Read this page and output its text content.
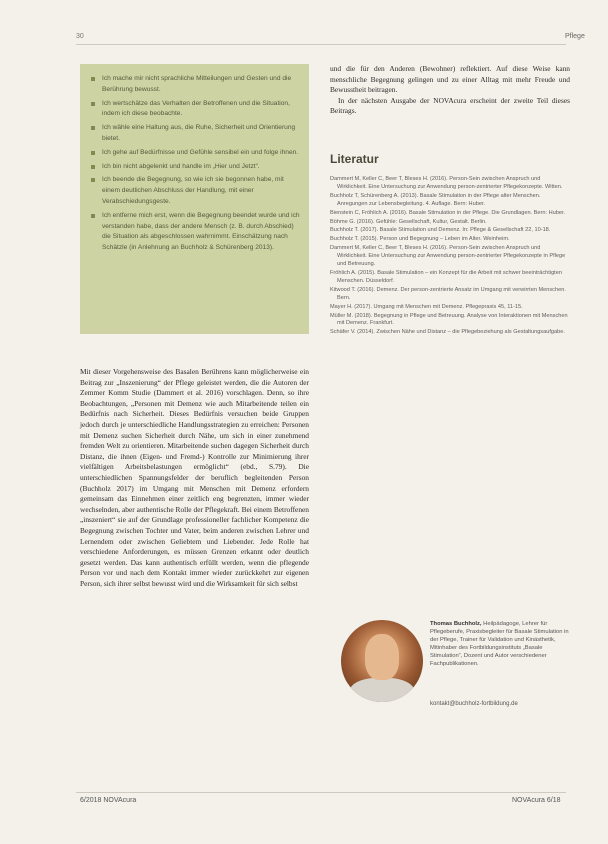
30	Pflege
Ich mache mir nicht sprachliche Mitteilungen und Gesten und die Berührung bewusst.
Ich wertschätze das Verhalten der Betroffenen und die Situation, indem ich diese beobachte.
Ich wähle eine Haltung aus, die Ruhe, Sicherheit und Orientierung bietet.
Ich gehe auf Bedürfnisse und Gefühle sensibel ein und folge ihnen.
Ich bin nicht abgelenkt und handle im „Hier und Jetzt“.
Ich beende die Begegnung, so wie ich sie begonnen habe, mit einem deutlichen Abschluss der Handlung, mit einer Verabschiedungsgeste.
Ich entferne mich erst, wenn die Begegnung beendet wurde und ich verstanden habe, dass der andere Mensch (z. B. durch Abschied) die Situation als abgeschlossen wahrnimmt. Einschätzung nach Schätzle (in Anlehnung an Buchholz & Schürenberg 2013).

Mit dieser Vorgehensweise des Basalen Berührens kann möglicherweise ein Beitrag zur „Inszenierung“ der Pflege geleistet werden, die die Autoren der Zemmer Komm Studie (Dammert et al. 2016) vorschlagen. Denn, so ihre Beobachtungen, „Personen mit Demenz wie auch Mitarbeitende teilen ein Bedürfnis nach Sicherheit. Dieses Bedürfnis versuchen beide Gruppen jedoch durch je unterschiedliche Handlungsstrategien zu erreichen: Personen mit Demenz suchen Sicherheit durch Nähe, um sich in einer zunehmend fremden Welt zu orientieren. Mitarbeitende suchen dagegen Sicherheit durch Distanz, die ihnen (Eigen- und Fremd-) Kontrolle zur Minimierung ihrer vielfältigen Arbeitsbelastungen ermöglicht“ (ebd., S.79). Die unterschiedlichen Spannungsfelder der beruflich begleitenden Person (Buchholz 2017) im Umgang mit Menschen mit Demenz erfordern gemeinsam das Einnehmen einer zeitlich eng begrenzten, immer wieder wechselnden, aber authentische Rolle der Pflegekraft. Bei einem Betroffenen „inszeniert“ sie auf der Grundlage professioneller fachlicher Kompetenz die Begegnung zwischen Tochter und Vater, beim anderen zwischen Lehrer und Lernendem oder zwischen Geliebtem und Liebender. Jede Rolle hat verschiedene Anforderungen, es müssen Grenzen erkannt oder deutlich gesetzt werden. Das kann authentisch erfüllt werden, wenn die pflegende Person vor und nach dem Kontakt immer wieder zurückkehrt zur eigenen Person, sich ihrer selbst bewusst wird und die Wirksamkeit für sich selbst

und die für den Anderen (Bewohner) reflektiert. Auf diese Weise kann menschliche Begegnung gelingen und zu einer Alltag mit mehr Freude und Bewusstheit beitragen.

In der nächsten Ausgabe der NOVAcura erscheint der zweite Teil dieses Beitrags.

Literatur

Dammert M, Keller C, Beer T, Bleses H. (2016). Person-Sein zwischen Anspruch und Wirklichkeit. Eine Untersuchung zur Anwendung person-zentrierter Pflegekonzepte. Witten.

Buchholz T, Schürenberg A. (2013). Basale Stimulation in der Pflege alter Menschen. Anregungen zur Lebensbegleitung. 4. Auflage. Bern: Huber.

Bienstein C, Fröhlich A. (2016). Basale Stimulation in der Pflege. Die Grundlagen. Bern: Huber.

Böhme G. (2016). Gefühle: Gesellschaft, Kultur, Gestalt. Berlin.

Buchholz T. (2017). Basale Stimulation und Demenz. In: Pflege & Gesellschaft 22, 10-18.

Buchholz T. (2015). Person und Begegnung – Leben im Alter. Weinheim.

Dammert M, Keller C, Beer T, Bleses H. (2016). Person-Sein zwischen Anspruch und Wirklichkeit. Eine Untersuchung zur Anwendung person-zentrierter Pflegekonzepte in Pflege und Betreuung.

Fröhlich A. (2015). Basale Stimulation – ein Konzept für die Arbeit mit schwer beeinträchtigten Menschen. Düsseldorf.

Kitwood T. (2016). Demenz. Der person-zentrierte Ansatz im Umgang mit verwirrten Menschen. Bern.

Mayer H. (2017). Umgang mit Menschen mit Demenz. Pflegepraxis 45, 11-15.

Müller M. (2018). Begegnung in Pflege und Betreuung. Analyse von Interaktionen mit Menschen mit Demenz. Frankfurt.

Schäfer V. (2014). Zwischen Nähe und Distanz – die Pflegebeziehung als Gestaltungsaufgabe.

Thomas Buchholz, Heilpädagoge, Lehrer für Pflegeberufe, Praxisbegleiter für Basale Stimulation in der Pflege, Trainer für Validation und Kinästhetik, Mitinhaber des Fortbildungsinstituts „Basale Stimulation“, Dozent und Autor verschiedener Fachpublikationen.
kontakt@buchholz-fortbildung.de
6/2018 NOVAcura	NOVAcura 6/18
